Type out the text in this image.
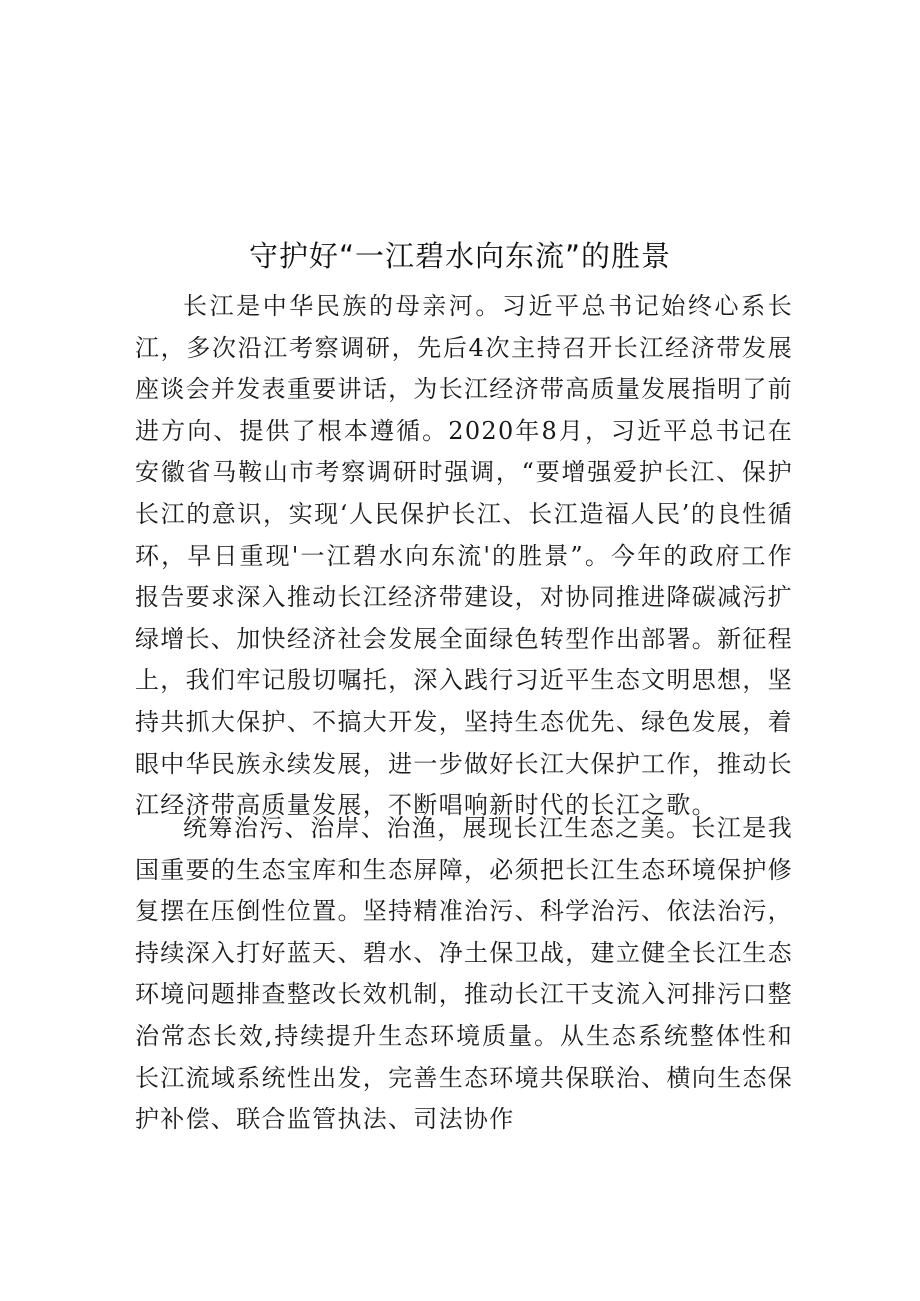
守护好“一江碧水向东流”的胜景

长江是中华民族的母亲河。习近平总书记始终心系长江，多次沿江考察调研，先后4次主持召开长江经济带发展座谈会并发表重要讲话，为长江经济带高质量发展指明了前进方向、提供了根本遵循。2020年8月，习近平总书记在安徽省马鞍山市考察调研时强调，“要增强爱护长江、保护长江的意识，实现‘人民保护长江、长江造福人民’的良性循环，早日重现'一江碧水向东流'的胜景”。今年的政府工作报告要求深入推动长江经济带建设，对协同推进降碳减污扩绿增长、加快经济社会发展全面绿色转型作出部署。新征程上，我们牢记殷切嘱托，深入践行习近平生态文明思想，坚持共抓大保护、不搞大开发，坚持生态优先、绿色发展，着眼中华民族永续发展，进一步做好长江大保护工作，推动长江经济带高质量发展，不断唱响新时代的长江之歌。

统筹治污、治岸、治渔，展现长江生态之美。长江是我国重要的生态宝库和生态屏障，必须把长江生态环境保护修复摆在压倒性位置。坚持精准治污、科学治污、依法治污，持续深入打好蓝天、碧水、净土保卫战，建立健全长江生态环境问题排查整改长效机制，推动长江干支流入河排污口整治常态长效,持续提升生态环境质量。从生态系统整体性和长江流域系统性出发，完善生态环境共保联治、横向生态保护补偿、联合监管执法、司法协作
